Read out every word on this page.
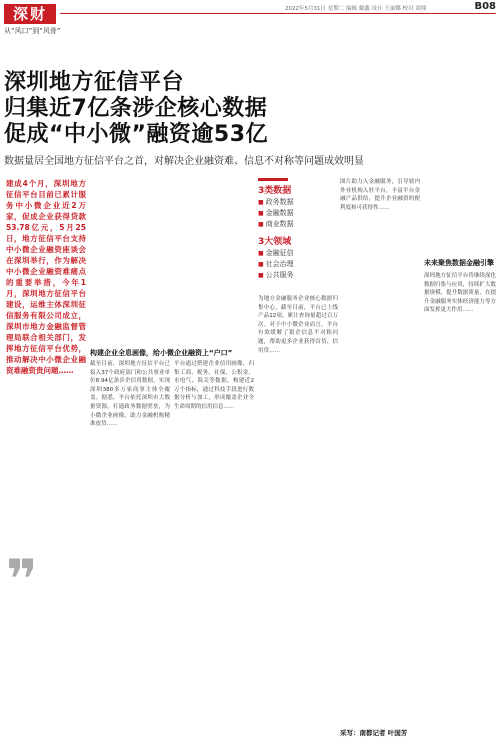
深财
从“风口”到“风骨”
2022年5月31日 星期二 编辑 戴鑫 设计 王丽娜 校对 刘翔	B08
深圳地方征信平台
归集近7亿条涉企核心数据
促成“中小微”融资逾53亿
数据量居全国地方征信平台之首，对解决企业融资难、信息不对称等问题成效明显
建成4个月，深圳地方征信平台目前已累计服务中小微企业近2万家，促成企业获得贷款53.78亿元，5月25日，地方征信平台支持中小微企业融资座谈会在深圳举行，作为解决中小微企业融资难痛点的重要举措，今年1月，深圳地方征信平台建设，运维主体深圳征信服务有限公司成立，深圳市地方金融监督管理局联合相关部门，发挥地方征信平台优势，推动解决中小微企业融资难融资贵问题……
❞
构建企业全息画像，给小微企业融资上“户口”
截至目前，深圳地方征信平台已接入37个政府部门和公共事业单位8.94亿条涉企信用数据，实现深圳380多万家商事主体全覆盖。据悉，平台依托深圳市大数据资源，打通政务数据壁垒，为小微企业画像，助力金融机构精准放贷……
平台通过搭建企业信用画像，归集工商、税务、社保、公积金、水电气、海关等数据，构建近2万个指标，通过科技手段进行数据分析与加工，形成覆盖企业全生命周期的信用信息……
3类数据
■ 政务数据
■ 金融数据
■ 商业数据
3大领域
■ 金融征信
■ 社会治理
■ 公共服务
为地方金融服务企业核心数据归集中心，截至目前，平台已上线产品12项，累计查询量超过百万次。对于中小微企业而言，平台有效缓解了银企信息不对称问题，帮助更多企业获得首贷、信用贷……
图片助力入金融服务，引导辖内外业机构入驻平台，丰富平台金融产品供给，提升企业融资的便利度和可获得性……
未来聚焦数据金融引擎
深圳地方征信平台将继续深化数据归集与应用，持续扩大数据规模，提升数据质量，在提升金融服务实体经济能力等方面发挥更大作用……
采写：南都记者 叶国芳
